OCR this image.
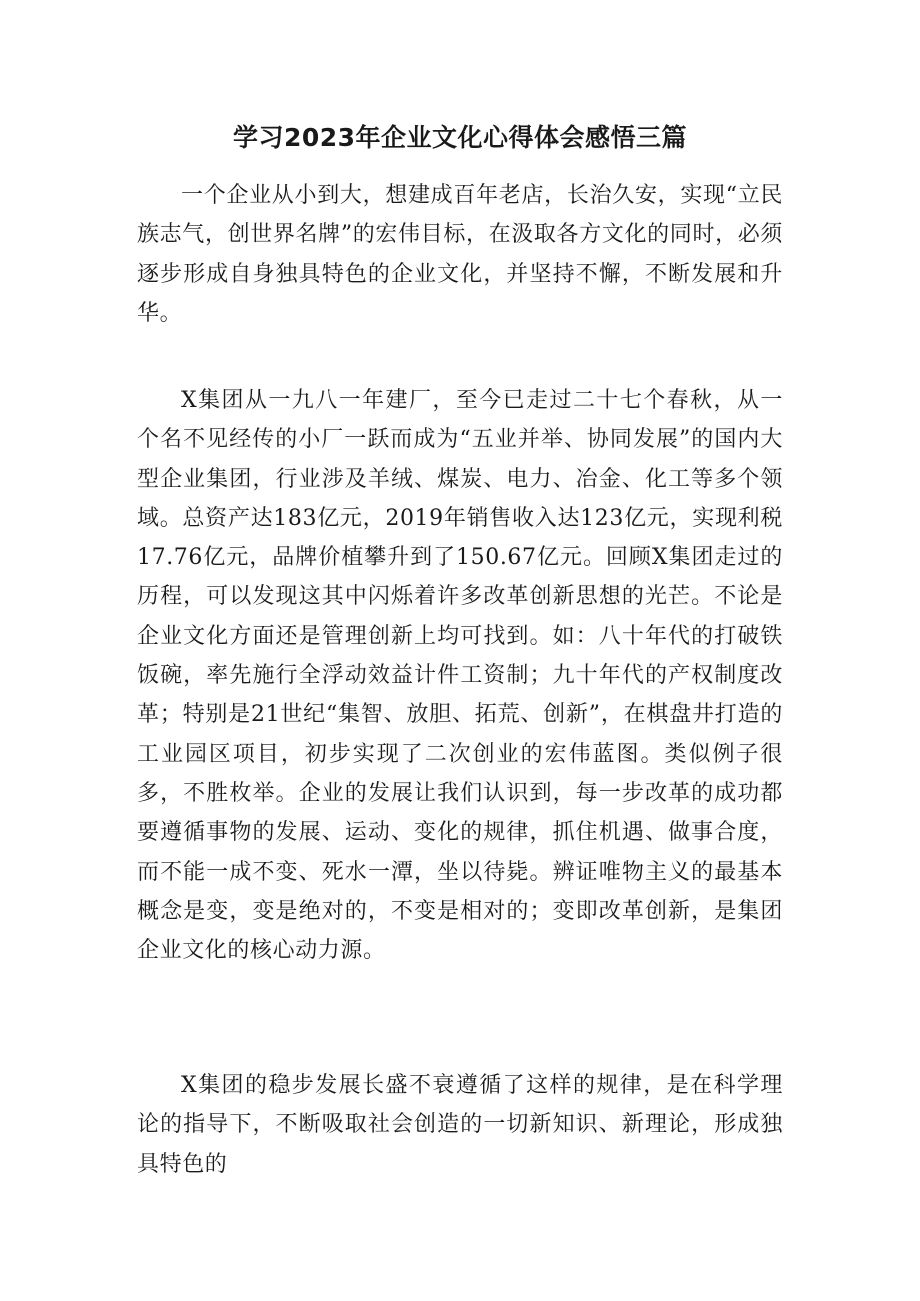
学习2023年企业文化心得体会感悟三篇

一个企业从小到大，想建成百年老店，长治久安，实现“立民族志气，创世界名牌”的宏伟目标，在汲取各方文化的同时，必须逐步形成自身独具特色的企业文化，并坚持不懈，不断发展和升华。

X集团从一九八一年建厂，至今已走过二十七个春秋，从一个名不见经传的小厂一跃而成为“五业并举、协同发展”的国内大型企业集团，行业涉及羊绒、煤炭、电力、冶金、化工等多个领域。总资产达183亿元，2019年销售收入达123亿元，实现利税17.76亿元，品牌价植攀升到了150.67亿元。回顾X集团走过的历程，可以发现这其中闪烁着许多改革创新思想的光芒。不论是企业文化方面还是管理创新上均可找到。如：八十年代的打破铁饭碗，率先施行全浮动效益计件工资制；九十年代的产权制度改革；特别是21世纪“集智、放胆、拓荒、创新”，在棋盘井打造的工业园区项目，初步实现了二次创业的宏伟蓝图。类似例子很多，不胜枚举。企业的发展让我们认识到，每一步改革的成功都要遵循事物的发展、运动、变化的规律，抓住机遇、做事合度，而不能一成不变、死水一潭，坐以待毙。辨证唯物主义的最基本概念是变，变是绝对的，不变是相对的；变即改革创新，是集团企业文化的核心动力源。

X集团的稳步发展长盛不衰遵循了这样的规律，是在科学理论的指导下，不断吸取社会创造的一切新知识、新理论，形成独具特色的
